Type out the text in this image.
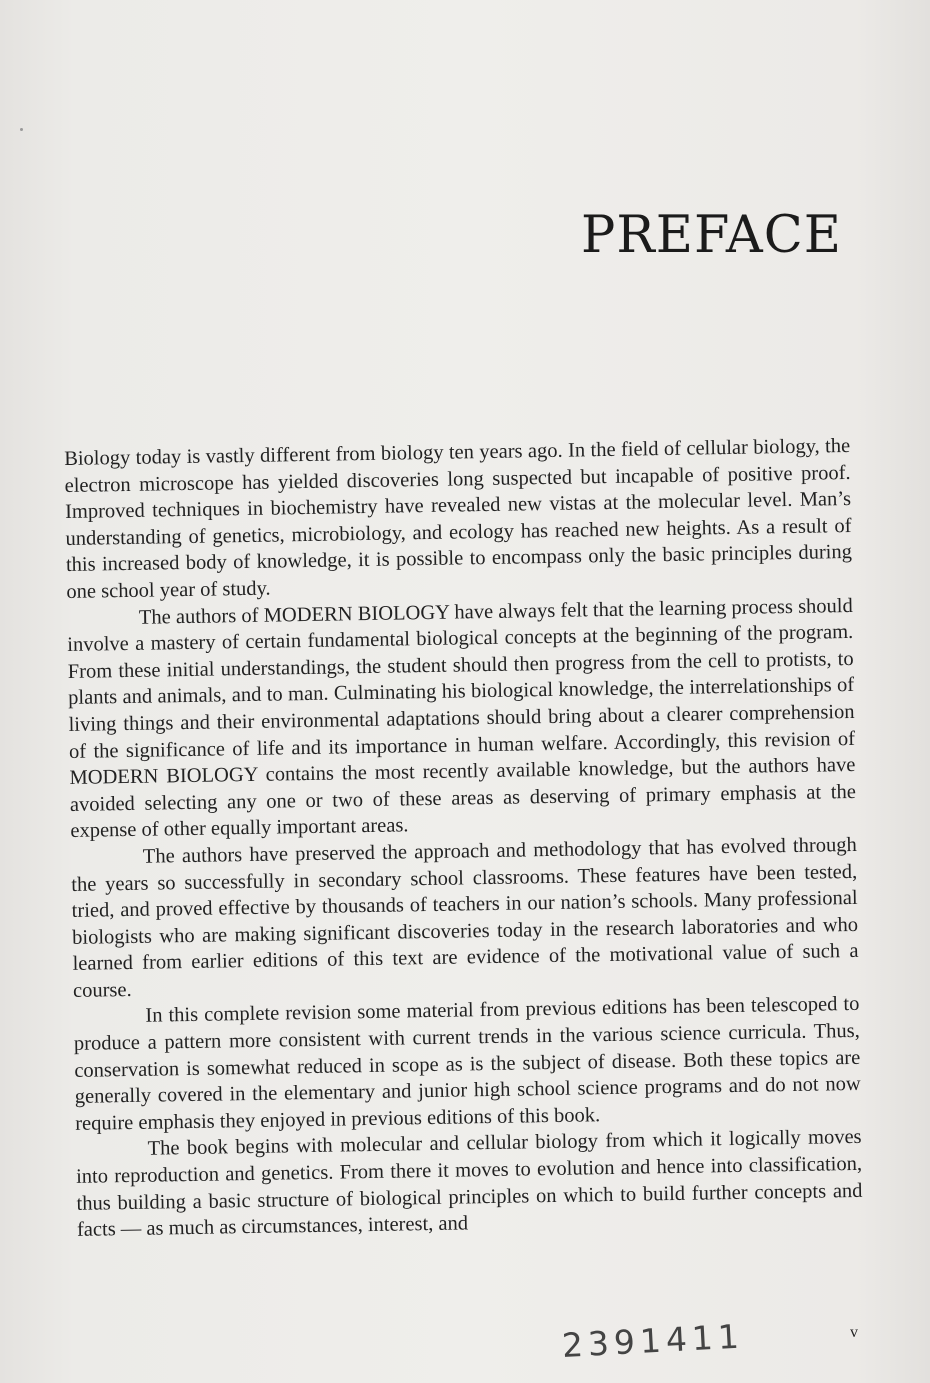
PREFACE

Biology today is vastly different from biology ten years ago. In the field of cellular biology, the electron microscope has yielded discoveries long suspected but incapable of positive proof. Improved techniques in biochemistry have revealed new vistas at the molecular level. Man’s understanding of genetics, microbiology, and ecology has reached new heights. As a result of this increased body of knowledge, it is possible to encompass only the basic principles during one school year of study.

The authors of MODERN BIOLOGY have always felt that the learning process should involve a mastery of certain fundamental biological concepts at the beginning of the program. From these initial understandings, the student should then progress from the cell to protists, to plants and animals, and to man. Culminating his biological knowledge, the interrelationships of living things and their environmental adaptations should bring about a clearer comprehension of the significance of life and its importance in human welfare. Accordingly, this revision of MODERN BIOLOGY contains the most recently available knowledge, but the authors have avoided selecting any one or two of these areas as deserving of primary emphasis at the expense of other equally important areas.

The authors have preserved the approach and methodology that has evolved through the years so successfully in secondary school classrooms. These features have been tested, tried, and proved effective by thousands of teachers in our nation’s schools. Many professional biologists who are making significant discoveries today in the research laboratories and who learned from earlier editions of this text are evidence of the motivational value of such a course.

In this complete revision some material from previous editions has been telescoped to produce a pattern more consistent with current trends in the various science curricula. Thus, conservation is somewhat reduced in scope as is the subject of disease. Both these topics are generally covered in the elementary and junior high school science programs and do not now require emphasis they enjoyed in previous editions of this book.

The book begins with molecular and cellular biology from which it logically moves into reproduction and genetics. From there it moves to evolution and hence into classification, thus building a basic structure of biological principles on which to build further concepts and facts — as much as circumstances, interest, and

2391411	v
